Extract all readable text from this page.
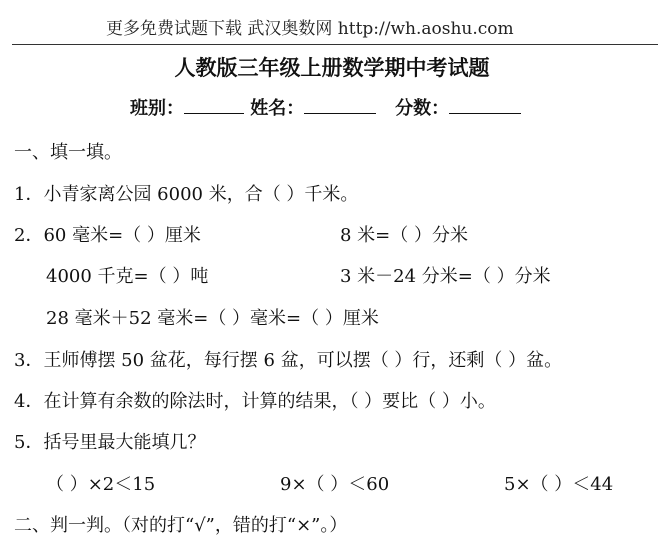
更多免费试题下载 武汉奥数网 http://wh.aoshu.com
人教版三年级上册数学期中考试题
班别：	姓名：	分数：
一、填一填。
1．小青家离公园 6000 米，合（ ）千米。
2．60 毫米=（ ）厘米	8 米=（ ）分米
4000 千克=（ ）吨	3 米－24 分米=（ ）分米
28 毫米＋52 毫米=（ ）毫米=（ ）厘米
3．王师傅摆 50 盆花，每行摆 6 盆，可以摆（ ）行，还剩（ ）盆。
4．在计算有余数的除法时，计算的结果，（ ）要比（ ）小。
5．括号里最大能填几？
（ ）×2＜15	9×（ ）＜60	5×（ ）＜44
二、判一判。（对的打“√”，错的打“×”。）
